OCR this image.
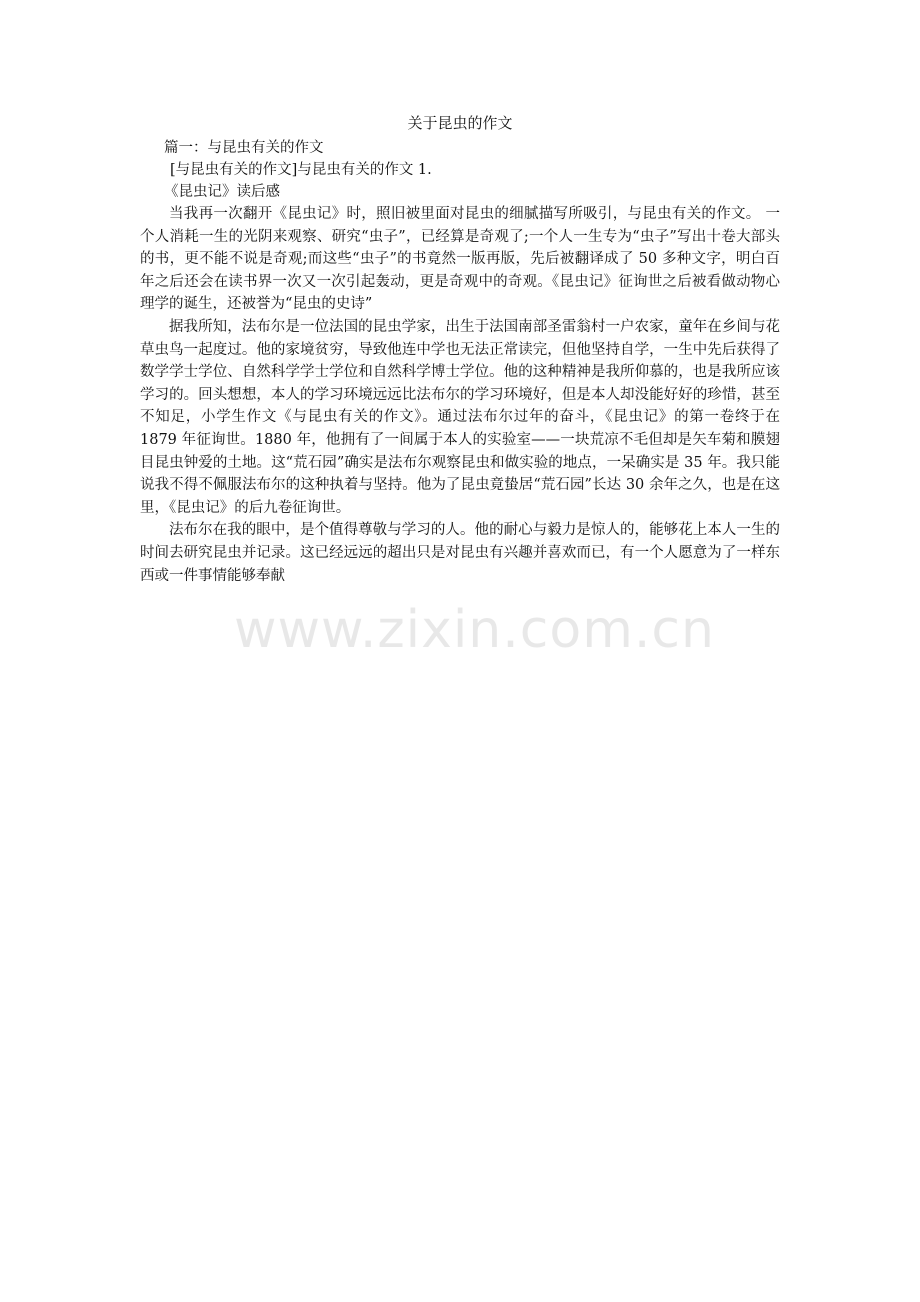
关于昆虫的作文

篇一：与昆虫有关的作文

[与昆虫有关的作文]与昆虫有关的作文 1.

《昆虫记》读后感

当我再一次翻开《昆虫记》时，照旧被里面对昆虫的细腻描写所吸引，与昆虫有关的作文。 一个人消耗一生的光阴来观察、研究“虫子”，已经算是奇观了;一个人一生专为“虫子”写出十卷大部头的书，更不能不说是奇观;而这些“虫子”的书竟然一版再版，先后被翻译成了 50 多种文字，明白百年之后还会在读书界一次又一次引起轰动，更是奇观中的奇观。《昆虫记》征询世之后被看做动物心理学的诞生，还被誉为“昆虫的史诗”

据我所知，法布尔是一位法国的昆虫学家，出生于法国南部圣雷翁村一户农家，童年在乡间与花草虫鸟一起度过。他的家境贫穷，导致他连中学也无法正常读完，但他坚持自学，一生中先后获得了数学学士学位、自然科学学士学位和自然科学博士学位。他的这种精神是我所仰慕的，也是我所应该学习的。回头想想，本人的学习环境远远比法布尔的学习环境好，但是本人却没能好好的珍惜，甚至不知足，小学生作文《与昆虫有关的作文》。通过法布尔过年的奋斗，《昆虫记》的第一卷终于在 1879 年征询世。1880 年，他拥有了一间属于本人的实验室——一块荒凉不毛但却是矢车菊和膜翅目昆虫钟爱的土地。这“荒石园”确实是法布尔观察昆虫和做实验的地点，一呆确实是 35 年。我只能说我不得不佩服法布尔的这种执着与坚持。他为了昆虫竟蛰居“荒石园”长达 30 余年之久，也是在这里，《昆虫记》的后九卷征询世。

法布尔在我的眼中，是个值得尊敬与学习的人。他的耐心与毅力是惊人的，能够花上本人一生的时间去研究昆虫并记录。这已经远远的超出只是对昆虫有兴趣并喜欢而已，有一个人愿意为了一样东西或一件事情能够奉献

www.zixin.com.cn
